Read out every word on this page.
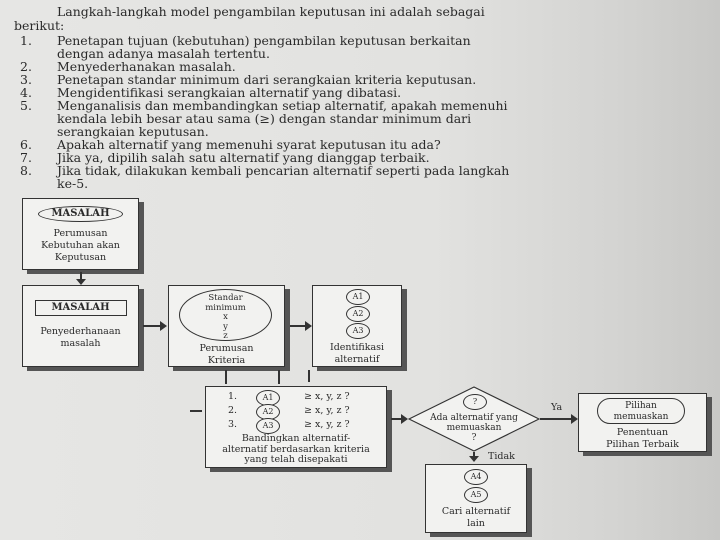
Langkah-langkah model pengambilan keputusan ini adalah sebagai
berikut:
1. Penetapan tujuan (kebutuhan) pengambilan keputusan berkaitan
dengan adanya masalah tertentu.
2. Menyederhanakan masalah.
3. Penetapan standar minimum dari serangkaian kriteria keputusan.
4. Mengidentifikasi serangkaian alternatif yang dibatasi.
5. Menganalisis dan membandingkan setiap alternatif, apakah memenuhi
kendala lebih besar atau sama (≥) dengan standar minimum dari
serangkaian keputusan.
6. Apakah alternatif yang memenuhi syarat keputusan itu ada?
7. Jika ya, dipilih salah satu alternatif yang dianggap terbaik.
8. Jika tidak, dilakukan kembali pencarian alternatif seperti pada langkah
ke-5.
MASALAH
Perumusan
Kebutuhan akan
Keputusan
MASALAH
Penyederhanaan
masalah
Standar
minimum
x
y
z
Perumusan
Kriteria
A1
A2
A3
Identifikasi
alternatif
1.	A1	≥ x, y, z ?
2.	A2	≥ x, y, z ?
3.	A3	≥ x, y, z ?
Bandingkan alternatif-
alternatif berdasarkan kriteria
yang telah disepakati
?
Ada alternatif yang
memuaskan
?
Ya
Tidak
Pilihan
memuaskan
Penentuan
Pilihan Terbaik
A4
A5
Cari alternatif
lain
